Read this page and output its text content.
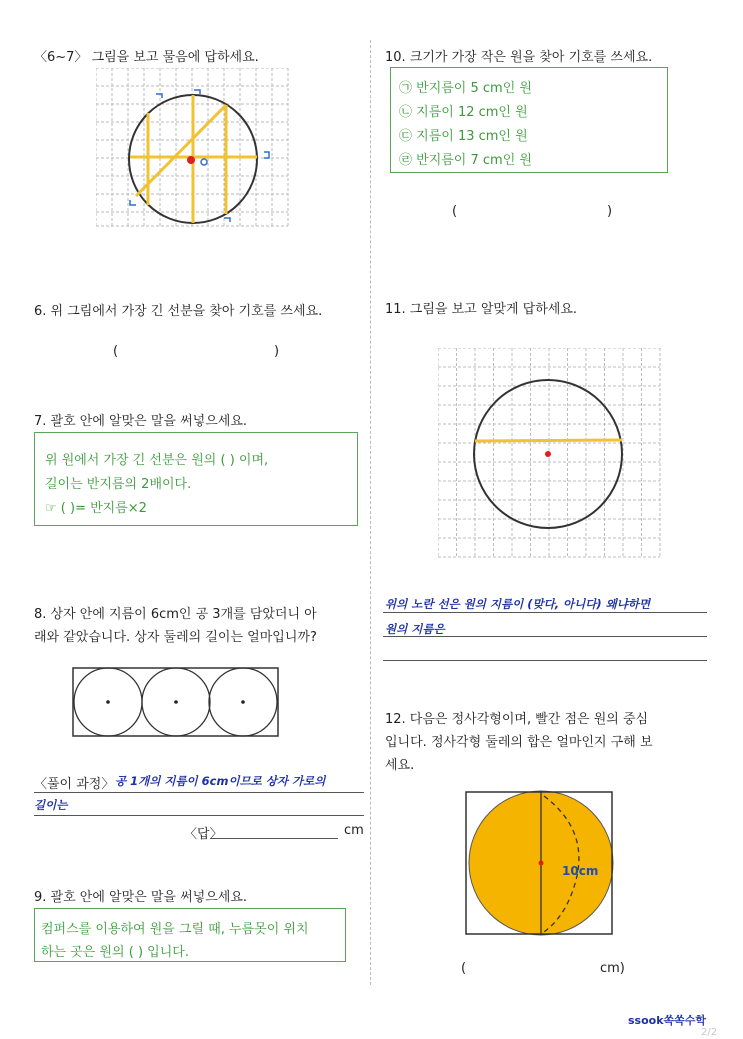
〈6~7〉 그림을 보고 물음에 답하세요.
6. 위 그림에서 가장 긴 선분을 찾아 기호를 쓰세요.
(	)
7. 괄호 안에 알맞은 말을 써넣으세요.
위 원에서 가장 긴 선분은 원의 ( ) 이며,
길이는 반지름의 2배이다.
☞ ( )= 반지름×2
8. 상자 안에 지름이 6cm인 공 3개를 담았더니 아
래와 같았습니다. 상자 둘레의 길이는 얼마입니까?
〈풀이 과정〉 공 1개의 지름이 6cm이므로 상자 가로의
길이는
〈답〉	cm
9. 괄호 안에 알맞은 말을 써넣으세요.
컴퍼스를 이용하여 원을 그릴 때, 누름못이 위치
하는 곳은 원의 ( ) 입니다.
10. 크기가 가장 작은 원을 찾아 기호를 쓰세요.
㉠ 반지름이 5 cm인 원
㉡ 지름이 12 cm인 원
㉢ 지름이 13 cm인 원
㉣ 반지름이 7 cm인 원
(	)
11. 그림을 보고 알맞게 답하세요.
위의 노란 선은 원의 지름이 (맞다, 아니다) 왜냐하면
원의 지름은
12. 다음은 정사각형이며, 빨간 점은 원의 중심
입니다. 정사각형 둘레의 합은 얼마인지 구해 보
세요.
10cm
(	cm)
ssook쏙쏙수학
2/2
